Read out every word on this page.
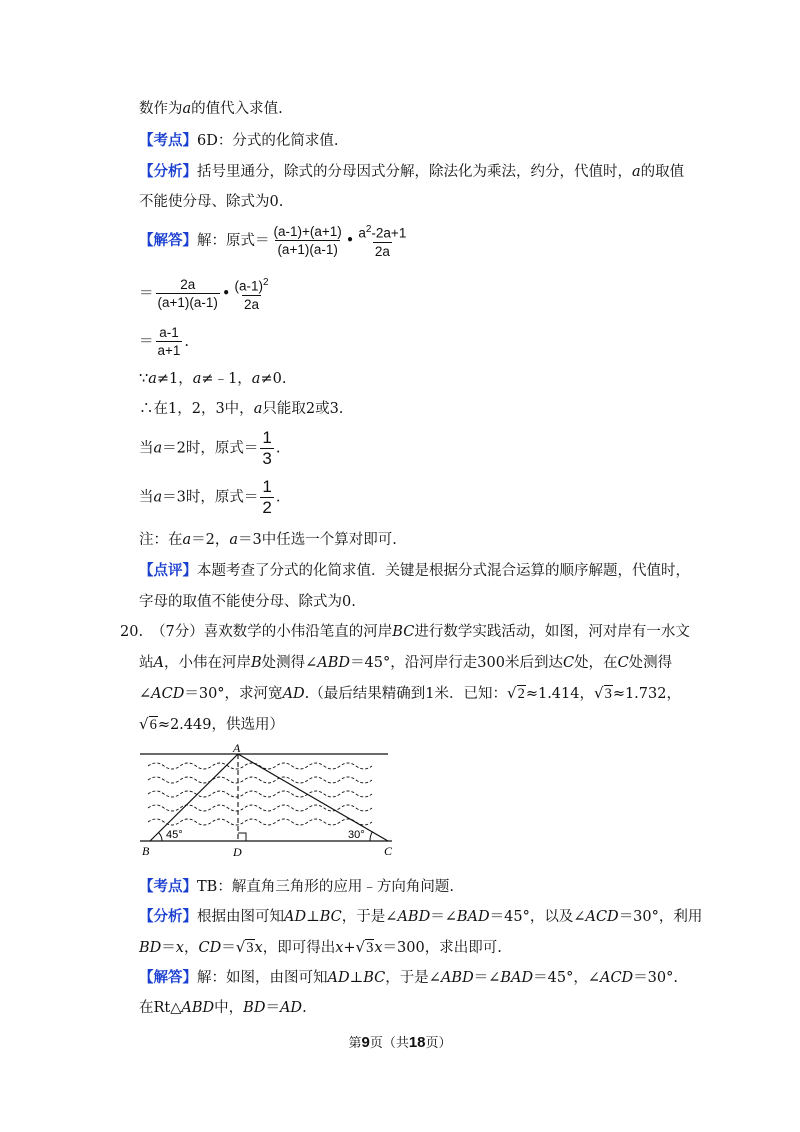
数作为a的值代入求值.
【考点】6D：分式的化简求值.
【分析】括号里通分，除式的分母因式分解，除法化为乘法，约分，代值时，a的取值
不能使分母、除式为0.
【解答】解：原式＝ $\frac{(a-1)+(a+1)}{(a+1)(a-1)}$ • $\frac{a^2-2a+1}{2a}$
＝ $\frac{2a}{(a+1)(a-1)}$ • $\frac{(a-1)^2}{2a}$
＝ $\frac{a-1}{a+1}$ .
∵a≠1，a≠﹣1，a≠0.
∴在1，2，3中，a只能取2或3.
当a＝2时，原式＝ $\frac{1}{3}$ .
当a＝3时，原式＝ $\frac{1}{2}$ .
注：在a＝2，a＝3中任选一个算对即可.
【点评】本题考查了分式的化简求值．关键是根据分式混合运算的顺序解题，代值时，
字母的取值不能使分母、除式为0.
20. （7分）喜欢数学的小伟沿笔直的河岸BC进行数学实践活动，如图，河对岸有一水文
站A，小伟在河岸B处测得∠ABD＝45°，沿河岸行走300米后到达C处，在C处测得
∠ACD＝30°，求河宽AD.（最后结果精确到1米．已知：√2≈1.414，√3≈1.732，
√6≈2.449，供选用）
A
B	C
D
45°	30°
【考点】TB：解直角三角形的应用﹣方向角问题.
【分析】根据由图可知AD⊥BC，于是∠ABD＝∠BAD＝45°，以及∠ACD＝30°，利用
BD＝x，CD＝√3x，即可得出x+√3x＝300，求出即可.
【解答】解：如图，由图可知AD⊥BC，于是∠ABD＝∠BAD＝45°，∠ACD＝30°.
在Rt△ABD中，BD＝AD.
第9页（共18页）
